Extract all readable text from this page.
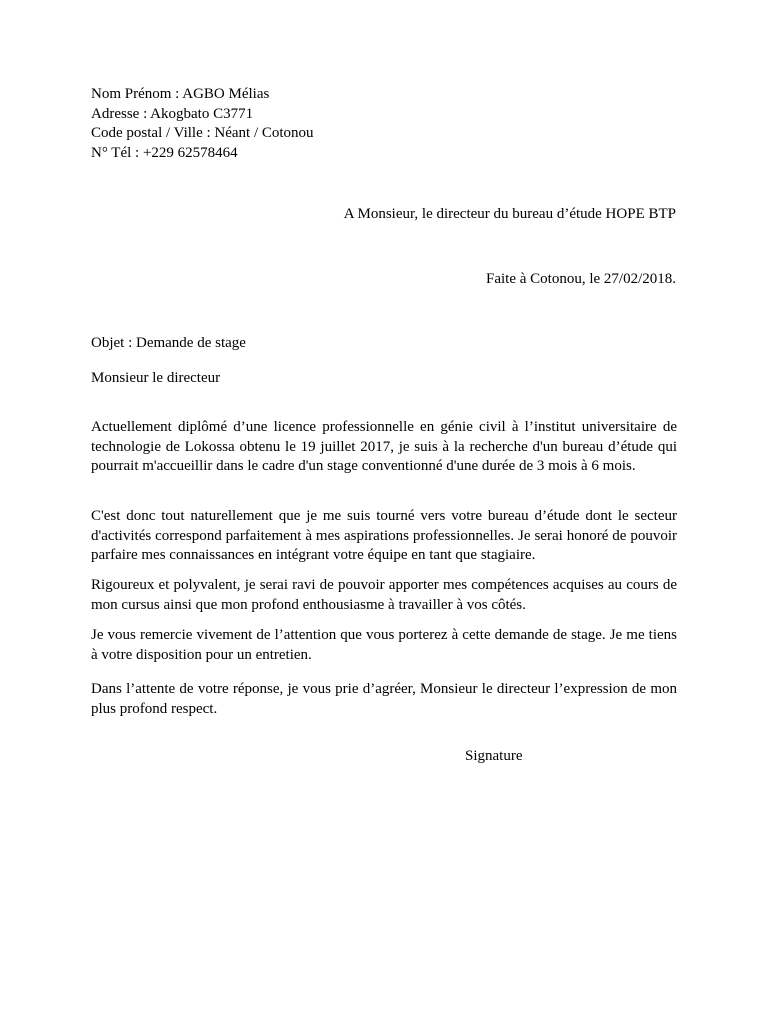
Nom Prénom : AGBO Mélias
Adresse : Akogbato C3771
Code postal / Ville : Néant / Cotonou
N° Tél : +229 62578464
A Monsieur, le directeur du bureau d’étude HOPE BTP
Faite à Cotonou, le 27/02/2018.
Objet : Demande de stage
Monsieur le directeur
Actuellement diplômé d’une licence professionnelle en génie civil à l’institut universitaire de technologie de Lokossa obtenu le 19 juillet 2017, je suis à la recherche d'un bureau d’étude qui pourrait m'accueillir dans le cadre d'un stage conventionné d'une durée de 3 mois à 6 mois.
C'est donc tout naturellement que je me suis tourné vers votre bureau d’étude dont le secteur d'activités correspond parfaitement à mes aspirations professionnelles. Je serai honoré de pouvoir parfaire mes connaissances en intégrant votre équipe en tant que stagiaire.
Rigoureux et polyvalent, je serai ravi de pouvoir apporter mes compétences acquises au cours de mon cursus ainsi que mon profond enthousiasme à travailler à vos côtés.
Je vous remercie vivement de l’attention que vous porterez à cette demande de stage. Je me tiens à votre disposition pour un entretien.
Dans l’attente de votre réponse, je vous prie d’agréer, Monsieur le directeur l’expression de mon plus profond respect.
Signature
